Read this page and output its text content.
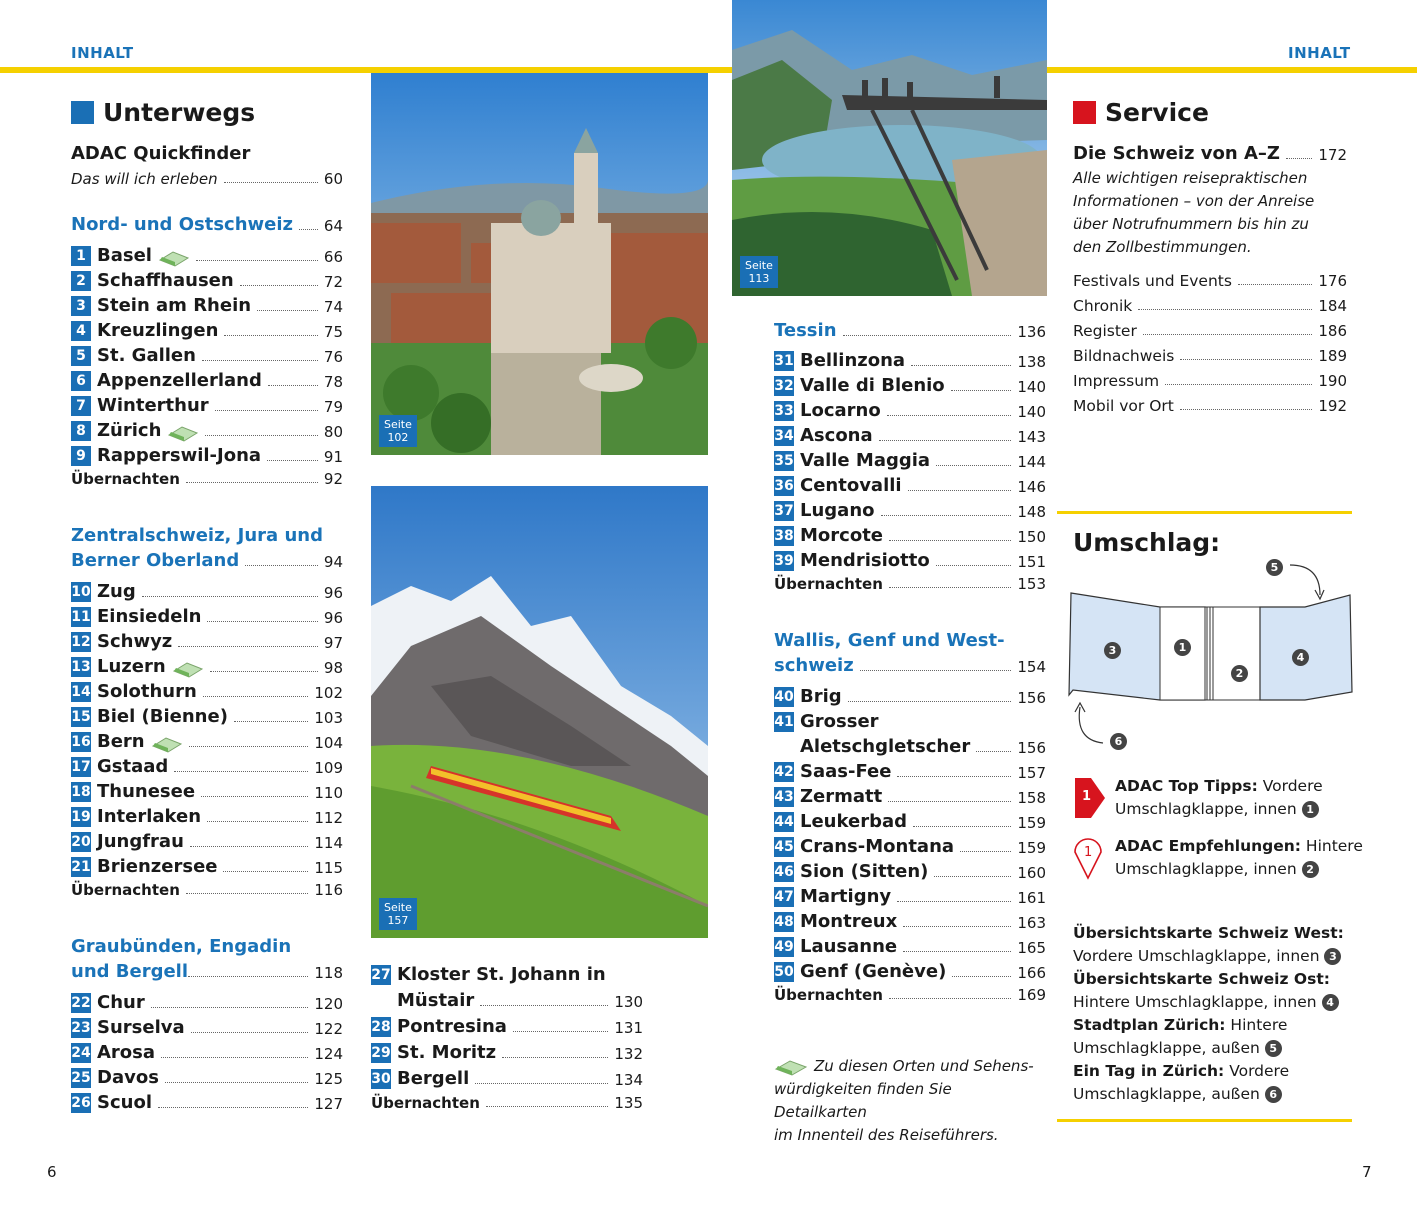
INHALT	INHALT
Unterwegs
ADAC Quickfinder
Das will ich erleben	60
Nord- und Ostschweiz 64
1 Basel	66
2 Schaffhausen	72
3 Stein am Rhein	74
4 Kreuzlingen	75
5 St. Gallen	76
6 Appenzellerland	78
7 Winterthur	79
8 Zürich	80
9 Rapperswil-Jona	91
Übernachten	92
Zentralschweiz, Jura und
Berner Oberland	94
10 Zug	96
11 Einsiedeln	96
12 Schwyz	97
13 Luzern	98
14 Solothurn	102
15 Biel (Bienne)	103
16 Bern	104
17 Gstaad	109
18 Thunesee	110
19 Interlaken	112
20 Jungfrau	114
21 Brienzersee	115
Übernachten	116
Graubünden, Engadin
und Bergell	118
22 Chur	120
23 Surselva	122
24 Arosa	124
25 Davos	125
26 Scuol	127
Seite
102
Seite
157
27 Kloster St. Johann in
Müstair	130
28 Pontresina	131
29 St. Moritz	132
30 Bergell	134
Übernachten	135
Seite
113
Tessin	136
31 Bellinzona	138
32 Valle di Blenio	140
33 Locarno	140
34 Ascona	143
35 Valle Maggia	144
36 Centovalli	146
37 Lugano	148
38 Morcote	150
39 Mendrisiotto	151
Übernachten	153
Wallis, Genf und West-
schweiz	154
40 Brig	156
41 Grosser
Aletschgletscher	156
42 Saas-Fee	157
43 Zermatt	158
44 Leukerbad	159
45 Crans-Montana	159
46 Sion (Sitten)	160
47 Martigny	161
48 Montreux	163
49 Lausanne	165
50 Genf (Genève)	166
Übernachten	169
Zu diesen Orten und Sehens-
würdigkeiten finden Sie Detailkarten
im Innenteil des Reiseführers.
Service
Die Schweiz von A–Z	172
Alle wichtigen reisepraktischen
Informationen – von der Anreise
über Notrufnummern bis hin zu
den Zollbestimmungen.
Festivals und Events	176
Chronik	184
Register	186
Bildnachweis	189
Impressum	190
Mobil vor Ort	192
Umschlag:
1
2
3
4
5
6
1
ADAC Top Tipps: Vordere
Umschlagklappe, innen 1
1 ADAC Empfehlungen: Hintere
Umschlagklappe, innen 2
Übersichtskarte Schweiz West:
Vordere Umschlagklappe, innen 3
Übersichtskarte Schweiz Ost:
Hintere Umschlagklappe, innen 4
Stadtplan Zürich: Hintere
Umschlagklappe, außen 5
Ein Tag in Zürich: Vordere
Umschlagklappe, außen 6
6	7
